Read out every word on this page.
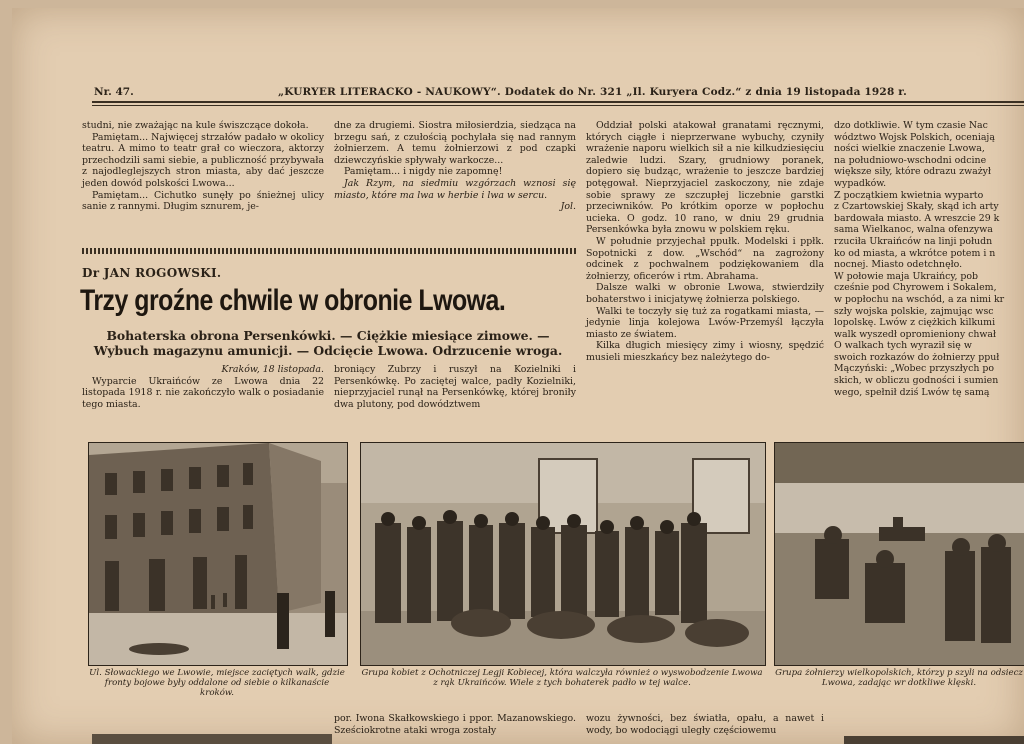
Nr. 47.	„KURYER LITERACKO - NAUKOWY“. Dodatek do Nr. 321 „Il. Kuryera Codz.“ z dnia 19 listopada 1928 r.

studni, nie zważając na kule świszczące dokoła.

Pamiętam... Najwięcej strzałów padało w okolicy teatru. A mimo to teatr grał co wieczora, aktorzy przechodzili sami siebie, a publiczność przybywała z najodleglejszych stron miasta, aby dać jeszcze jeden dowód polskości Lwowa...

Pamiętam... Cichutko sunęły po śnieżnej ulicy sanie z rannymi. Długim sznurem, je-

dne za drugiemi. Siostra miłosierdzia, siedząca na brzegu sań, z czułością pochylała się nad rannym żołnierzem. A temu żołnierzowi z pod czapki dziewczyńskie spływały warkocze...

Pamiętam... i nigdy nie zapomnę!

Jak Rzym, na siedmiu wzgórzach wznosi się miasto, które ma lwa w herbie i lwa w sercu.

Jol.

Dr JAN ROGOWSKI.
Trzy groźne chwile w obronie Lwowa.
Bohaterska obrona Persenkówki. — Ciężkie miesiące zimowe. — Wybuch magazynu amunicji. — Odcięcie Lwowa. Odrzucenie wroga.

Kraków, 18 listopada.

Wyparcie Ukraińców ze Lwowa dnia 22 listopada 1918 r. nie zakończyło walk o posiadanie tego miasta.

broniący Zubrzy i ruszył na Kozielniki i Persenkówkę. Po zaciętej walce, padły Kozielniki, nieprzyjaciel runął na Persenkówkę, której broniły dwa plutony, pod dowództwem

Oddział polski atakował granatami ręcznymi, których ciągłe i nieprzerwane wybuchy, czyniły wrażenie naporu wielkich sił a nie kilkudziesięciu zaledwie ludzi. Szary, grudniowy poranek, dopiero się budząc, wrażenie to jeszcze bardziej potęgował. Nieprzyjaciel zaskoczony, nie zdaje sobie sprawy ze szczupłej liczebnie garstki przeciwników. Po krótkim oporze w popłochu ucieka. O godz. 10 rano, w dniu 29 grudnia Persenkówka była znowu w polskiem ręku.

W południe przyjechał ppułk. Modelski i ppłk. Sopotnicki z dow. „Wschód“ na zagrożony odcinek z pochwalnem podziękowaniem dla żołnierzy, oficerów i rtm. Abrahama.

Dalsze walki w obronie Lwowa, stwierdziły bohaterstwo i inicjatywę żołnierza polskiego.

Walki te toczyły się tuż za rogatkami miasta, — jedynie linja kolejowa Lwów-Przemyśl łączyła miasto ze światem.

Kilka długich miesięcy zimy i wiosny, spędzić musieli mieszkańcy bez należytego do-

dzo dotkliwie. W tym czasie Nac
wództwo Wojsk Polskich, oceniają
ności wielkie znaczenie Lwowa,
na południowo-wschodni odcine
większe siły, które odrazu zważył
wypadków.
Z początkiem kwietnia wyparto
z Czartowskiej Skały, skąd ich arty
bardowała miasto. A wreszcie 29 k
sama Wielkanoc, walna ofenzywa
rzuciła Ukraińców na linji połudn
ko od miasta, a wkrótce potem i n
nocnej. Miasto odetchnęło.
W połowie maja Ukraińcy, pob
cześnie pod Chyrowem i Sokalem,
w popłochu na wschód, a za nimi kr
szły wojska polskie, zajmując wsc
lopolskę. Lwów z ciężkich kilkumi
walk wyszedł opromieniony chwał
O walkach tych wyraził się w
swoich rozkazów do żołnierzy ppuł
Mączyński: „Wobec przyszłych po
skich, w obliczu godności i sumien
wego, spełnił dziś Lwów tę samą
Ul. Słowackiego we Lwowie, miejsce zaciętych walk, gdzie fronty bojowe były oddalone od siebie o kilkanaście kroków.
Grupa kobiet z Ochotniczej Legji Kobiecej, która walczyła również o wyswobodzenie Lwowa z rąk Ukraińców. Wiele z tych bohaterek padło w tej walce.
Grupa żołnierzy wielkopolskich, którzy p szyli na odsiecz Lwowa, zadając wr dotkliwe klęski.

por. Iwona Skałkowskiego i ppor. Mazanowskiego. Sześciokrotne ataki wroga zostały

wozu żywności, bez światła, opału, a nawet i wody, bo wodociągi uległy częściowemu
